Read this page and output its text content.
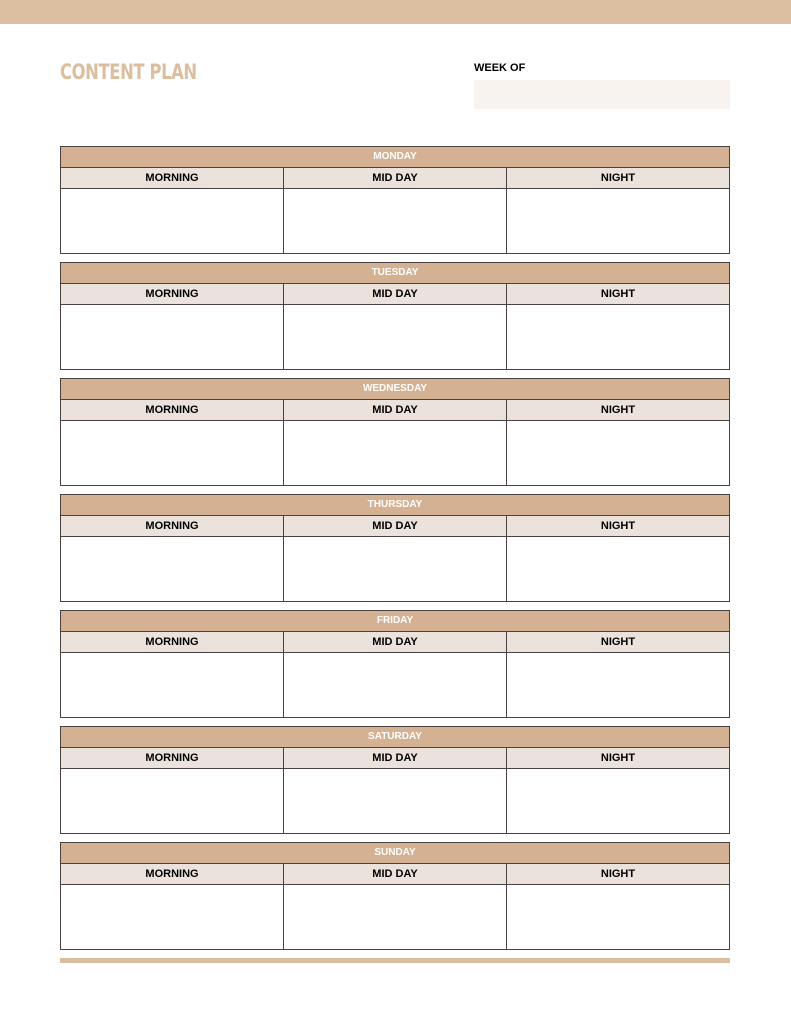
CONTENT PLAN	WEEK OF
MONDAY
MORNING	MID DAY	NIGHT
TUESDAY
MORNING	MID DAY	NIGHT
WEDNESDAY
MORNING	MID DAY	NIGHT
THURSDAY
MORNING	MID DAY	NIGHT
FRIDAY
MORNING	MID DAY	NIGHT
SATURDAY
MORNING	MID DAY	NIGHT
SUNDAY
MORNING	MID DAY	NIGHT
